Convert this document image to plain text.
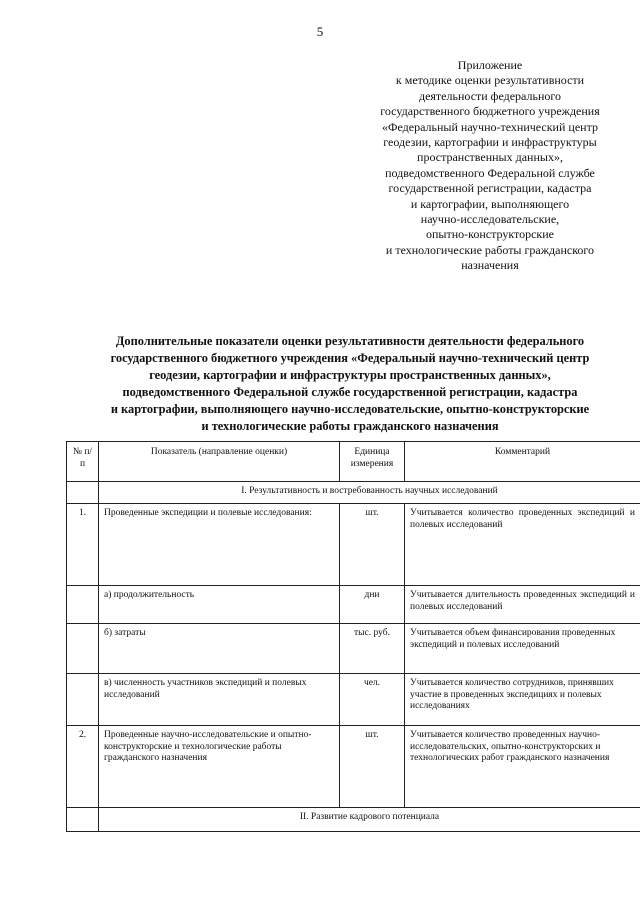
5
Приложение
к методике оценки результативности
деятельности федерального
государственного бюджетного учреждения
«Федеральный научно-технический центр
геодезии, картографии и инфраструктуры
пространственных данных»,
подведомственного Федеральной службе
государственной регистрации, кадастра
и картографии, выполняющего
научно-исследовательские,
опытно-конструкторские
и технологические работы гражданского
назначения
Дополнительные показатели оценки результативности деятельности федерального
государственного бюджетного учреждения «Федеральный научно-технический центр
геодезии, картографии и инфраструктуры пространственных данных»,
подведомственного Федеральной службе государственной регистрации, кадастра
и картографии, выполняющего научно-исследовательские, опытно-конструкторские
и технологические работы гражданского назначения
№ п/п	Показатель (направление оценки)	Единица измерения	Комментарий
	I. Результативность и востребованность научных исследований		
1.	Проведенные экспедиции и полевые исследования:	шт.	Учитывается количество проведенных экспедиций и полевых исследований
	а) продолжительность	дни	Учитывается длительность проведенных экспедиций и полевых исследований
	б) затраты	тыс. руб.	Учитывается объем финансирования проведенных экспедиций и полевых исследований
	в) численность участников экспедиций и полевых исследований	чел.	Учитывается количество сотрудников, принявших участие в проведенных экспедициях и полевых исследованиях
2.	Проведенные научно-исследовательские и опытно-конструкторские и технологические работы гражданского назначения	шт.	Учитывается количество проведенных научно-исследовательских, опытно-конструкторских и технологических работ гражданского назначения
	II. Развитие кадрового потенциала		
